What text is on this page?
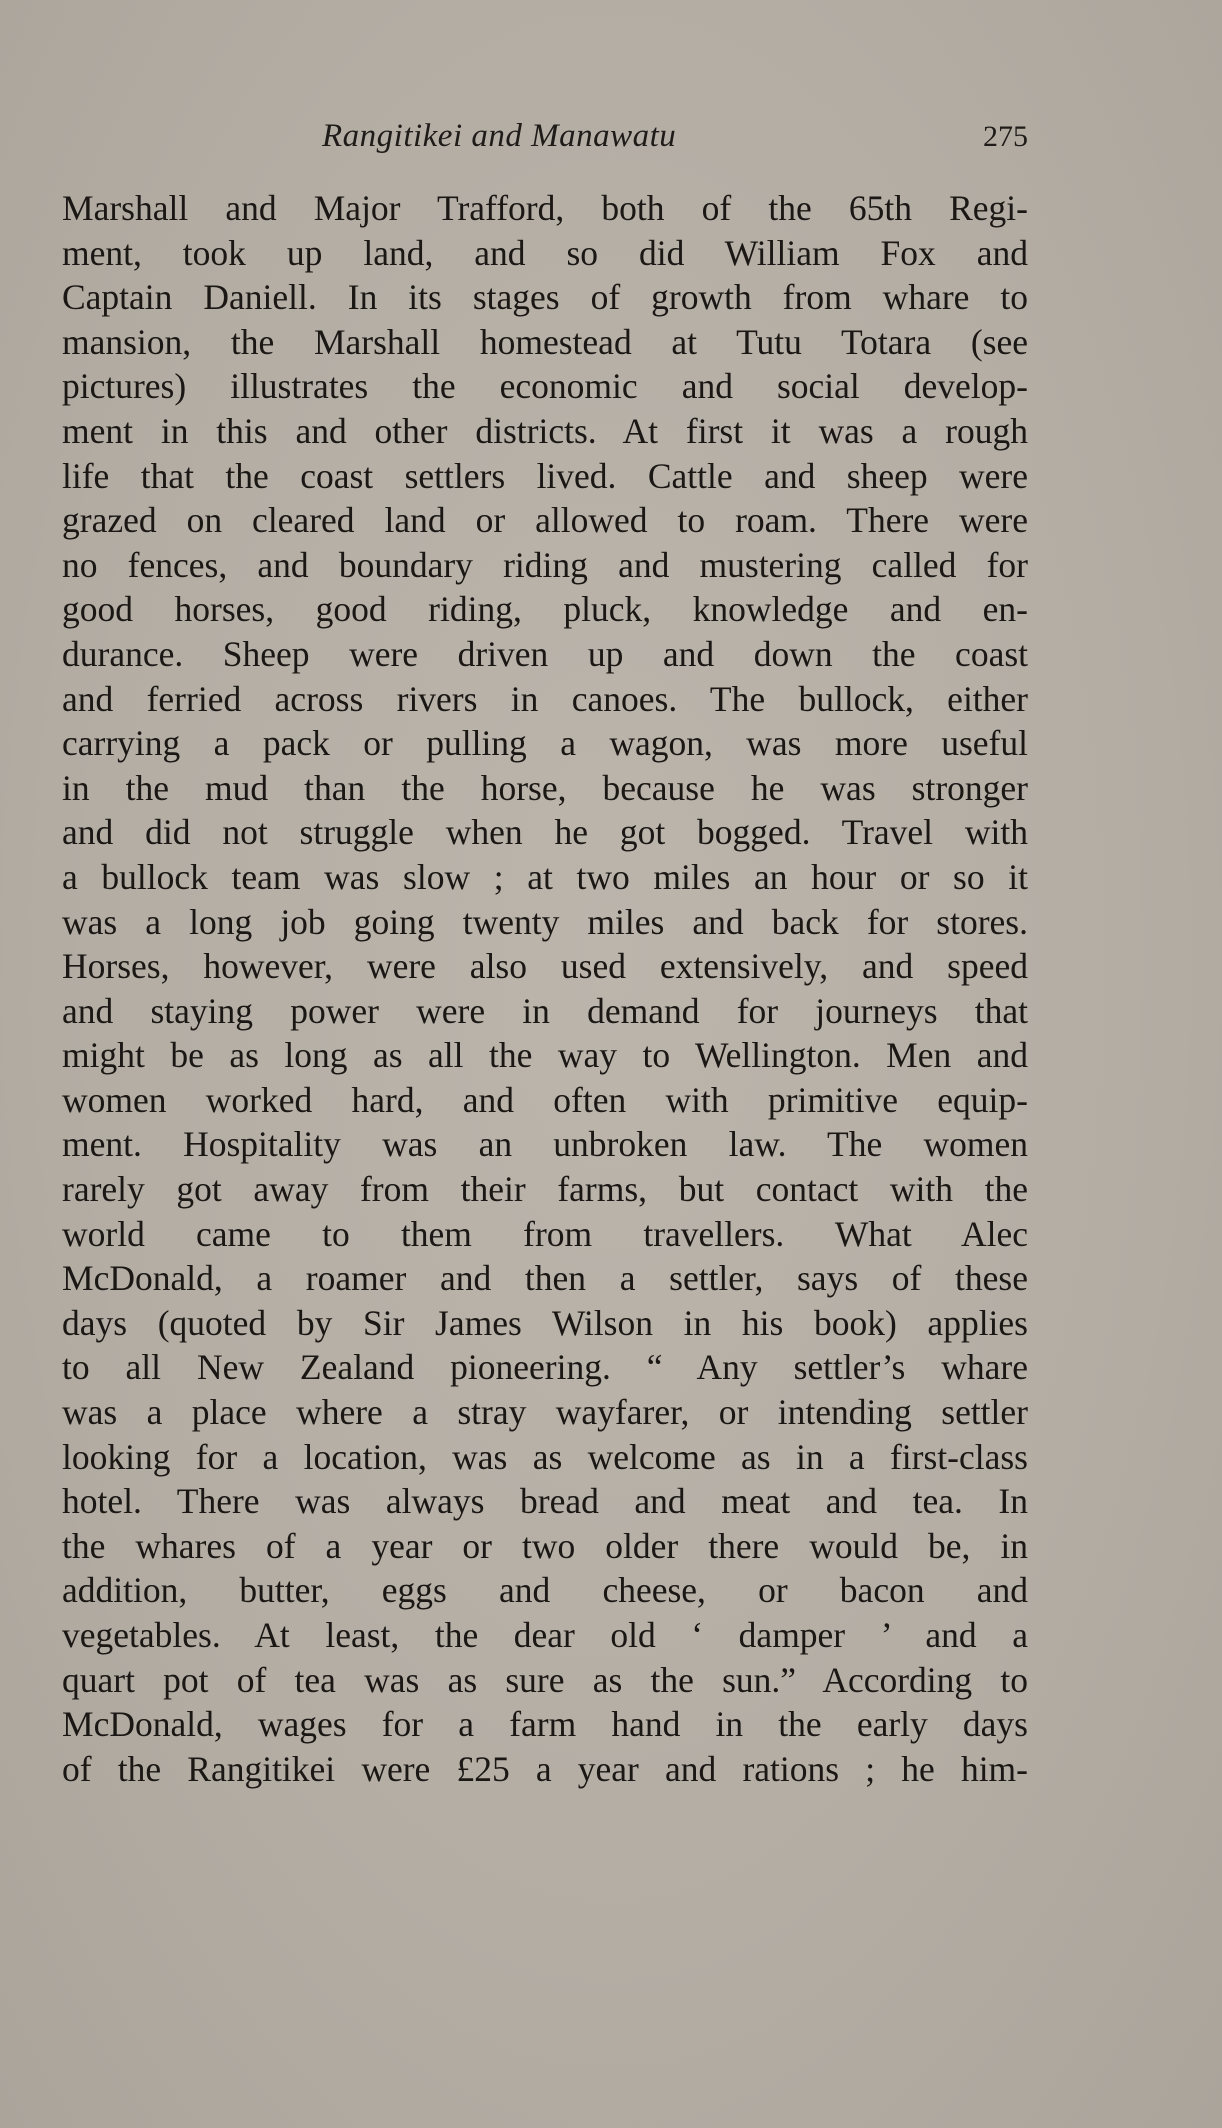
Rangitikei and Manawatu	275
Marshall and Major Trafford, both of the 65th Regi-
ment, took up land, and so did William Fox and
Captain Daniell. In its stages of growth from whare to
mansion, the Marshall homestead at Tutu Totara (see
pictures) illustrates the economic and social develop-
ment in this and other districts. At first it was a rough
life that the coast settlers lived. Cattle and sheep were
grazed on cleared land or allowed to roam. There were
no fences, and boundary riding and mustering called for
good horses, good riding, pluck, knowledge and en-
durance. Sheep were driven up and down the coast
and ferried across rivers in canoes. The bullock, either
carrying a pack or pulling a wagon, was more useful
in the mud than the horse, because he was stronger
and did not struggle when he got bogged. Travel with
a bullock team was slow ; at two miles an hour or so it
was a long job going twenty miles and back for stores.
Horses, however, were also used extensively, and speed
and staying power were in demand for journeys that
might be as long as all the way to Wellington. Men and
women worked hard, and often with primitive equip-
ment. Hospitality was an unbroken law. The women
rarely got away from their farms, but contact with the
world came to them from travellers. What Alec
McDonald, a roamer and then a settler, says of these
days (quoted by Sir James Wilson in his book) applies
to all New Zealand pioneering. “ Any settler’s whare
was a place where a stray wayfarer, or intending settler
looking for a location, was as welcome as in a first-class
hotel. There was always bread and meat and tea. In
the whares of a year or two older there would be, in
addition, butter, eggs and cheese, or bacon and
vegetables. At least, the dear old ‘ damper ’ and a
quart pot of tea was as sure as the sun.” According to
McDonald, wages for a farm hand in the early days
of the Rangitikei were £25 a year and rations ; he him-
